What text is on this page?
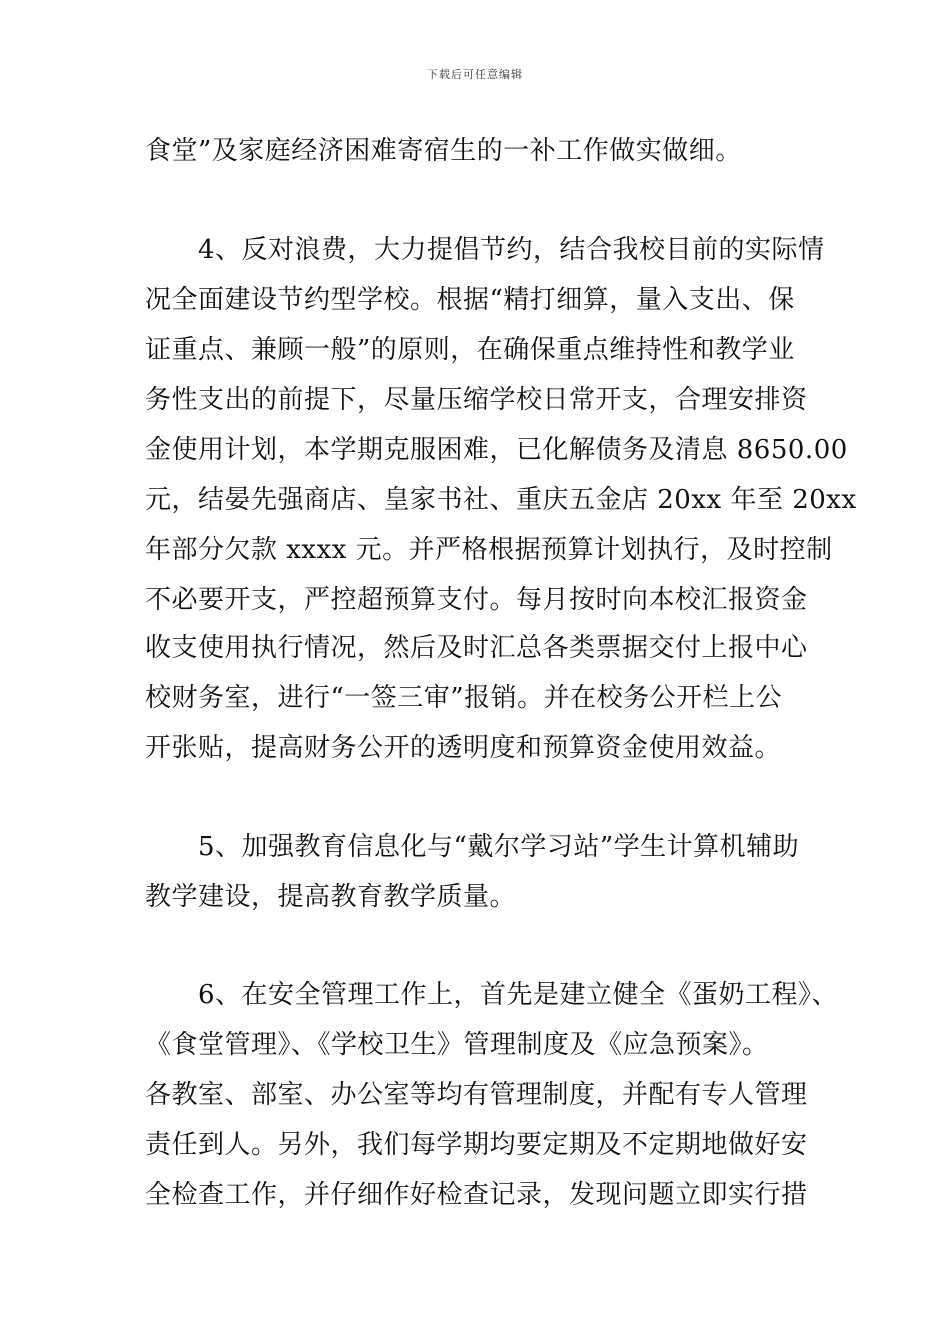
下载后可任意编辑
食堂”及家庭经济困难寄宿生的一补工作做实做细。
　　4、反对浪费，大力提倡节约，结合我校目前的实际情
况全面建设节约型学校。根据“精打细算，量入支出、保
证重点、兼顾一般”的原则，在确保重点维持性和教学业
务性支出的前提下，尽量压缩学校日常开支，合理安排资
金使用计划，本学期克服困难，已化解债务及清息 8650.00
元，结晏先强商店、皇家书社、重庆五金店 20xx 年至 20xx
年部分欠款 xxxx 元。并严格根据预算计划执行，及时控制
不必要开支，严控超预算支付。每月按时向本校汇报资金
收支使用执行情况，然后及时汇总各类票据交付上报中心
校财务室，进行“一签三审”报销。并在校务公开栏上公
开张贴，提高财务公开的透明度和预算资金使用效益。
　　5、加强教育信息化与“戴尔学习站”学生计算机辅助
教学建设，提高教育教学质量。
　　6、在安全管理工作上，首先是建立健全《蛋奶工程》、
《食堂管理》、《学校卫生》管理制度及《应急预案》。
各教室、部室、办公室等均有管理制度，并配有专人管理
责任到人。另外，我们每学期均要定期及不定期地做好安
全检查工作，并仔细作好检查记录，发现问题立即实行措
